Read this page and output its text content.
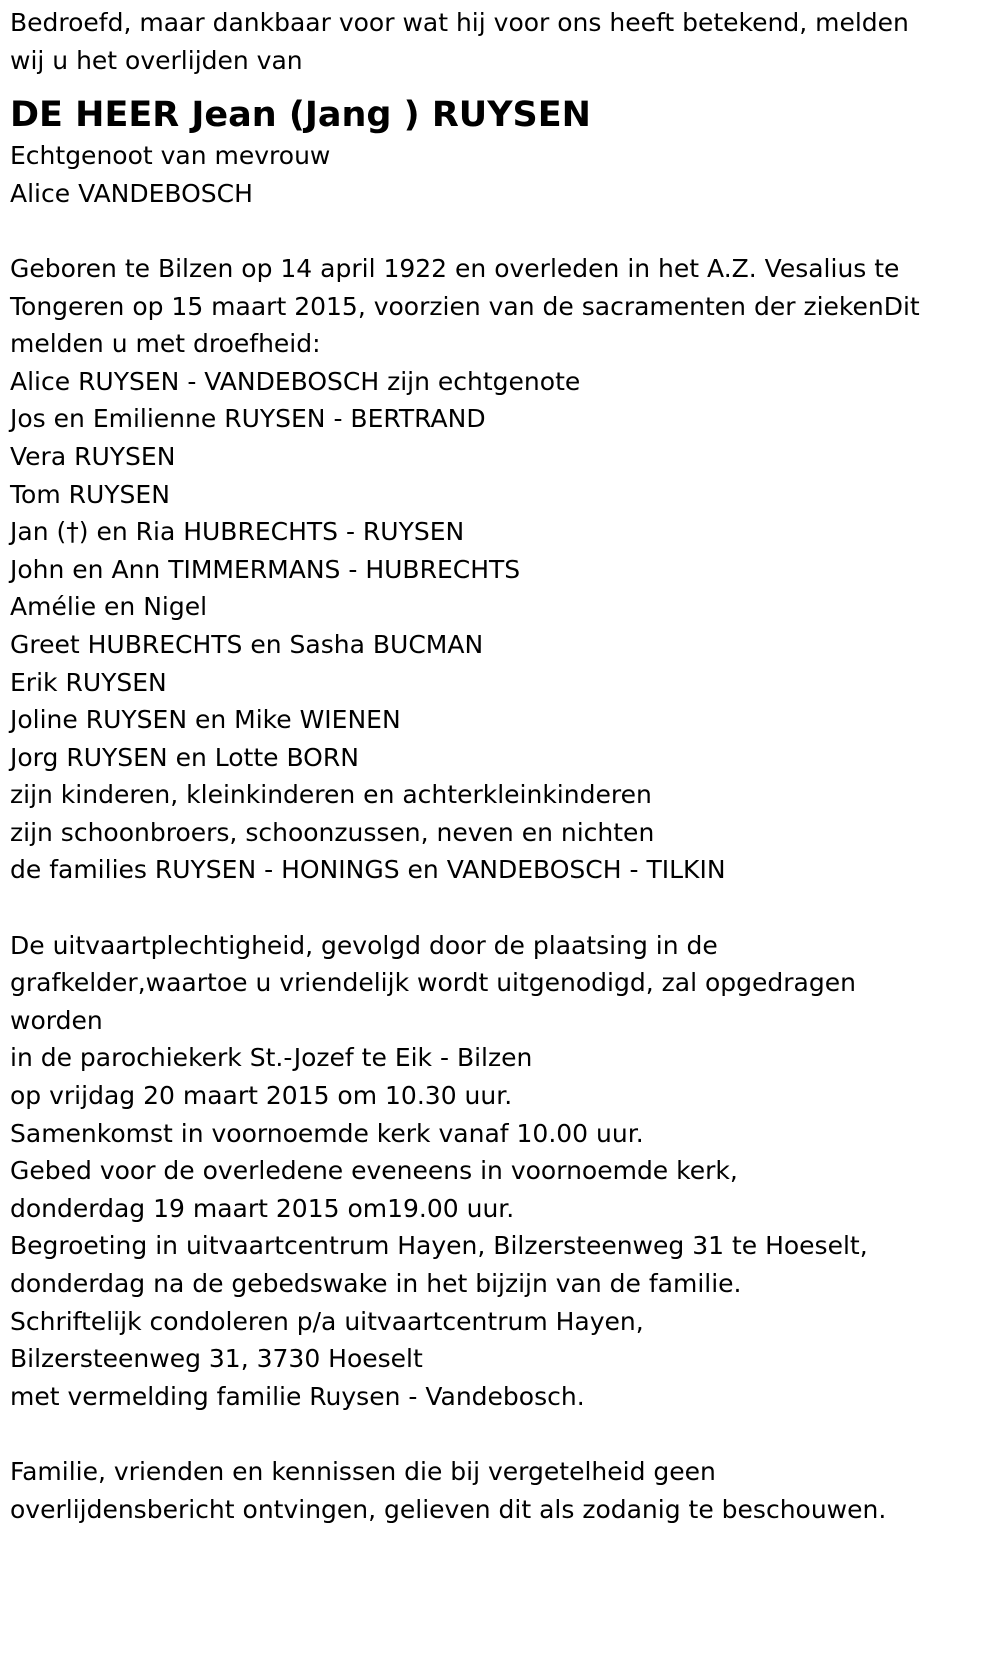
Bedroefd, maar dankbaar voor wat hij voor ons heeft betekend, melden
wij u het overlijden van
DE HEER Jean (Jang ) RUYSEN
Echtgenoot van mevrouw
Alice VANDEBOSCH
Geboren te Bilzen op 14 april 1922 en overleden in het A.Z. Vesalius te
Tongeren op 15 maart 2015, voorzien van de sacramenten der ziekenDit
melden u met droefheid:
Alice RUYSEN - VANDEBOSCH zijn echtgenote
Jos en Emilienne RUYSEN - BERTRAND
Vera RUYSEN
Tom RUYSEN
Jan (†) en Ria HUBRECHTS - RUYSEN
John en Ann TIMMERMANS - HUBRECHTS
Amélie en Nigel
Greet HUBRECHTS en Sasha BUCMAN
Erik RUYSEN
Joline RUYSEN en Mike WIENEN
Jorg RUYSEN en Lotte BORN
zijn kinderen, kleinkinderen en achterkleinkinderen
zijn schoonbroers, schoonzussen, neven en nichten
de families RUYSEN - HONINGS en VANDEBOSCH - TILKIN
De uitvaartplechtigheid, gevolgd door de plaatsing in de
grafkelder,waartoe u vriendelijk wordt uitgenodigd, zal opgedragen
worden
in de parochiekerk St.-Jozef te Eik - Bilzen
op vrijdag 20 maart 2015 om 10.30 uur.
Samenkomst in voornoemde kerk vanaf 10.00 uur.
Gebed voor de overledene eveneens in voornoemde kerk,
donderdag 19 maart 2015 om19.00 uur.
Begroeting in uitvaartcentrum Hayen, Bilzersteenweg 31 te Hoeselt,
donderdag na de gebedswake in het bijzijn van de familie.
Schriftelijk condoleren p/a uitvaartcentrum Hayen,
Bilzersteenweg 31, 3730 Hoeselt
met vermelding familie Ruysen - Vandebosch.
Familie, vrienden en kennissen die bij vergetelheid geen
overlijdensbericht ontvingen, gelieven dit als zodanig te beschouwen.
